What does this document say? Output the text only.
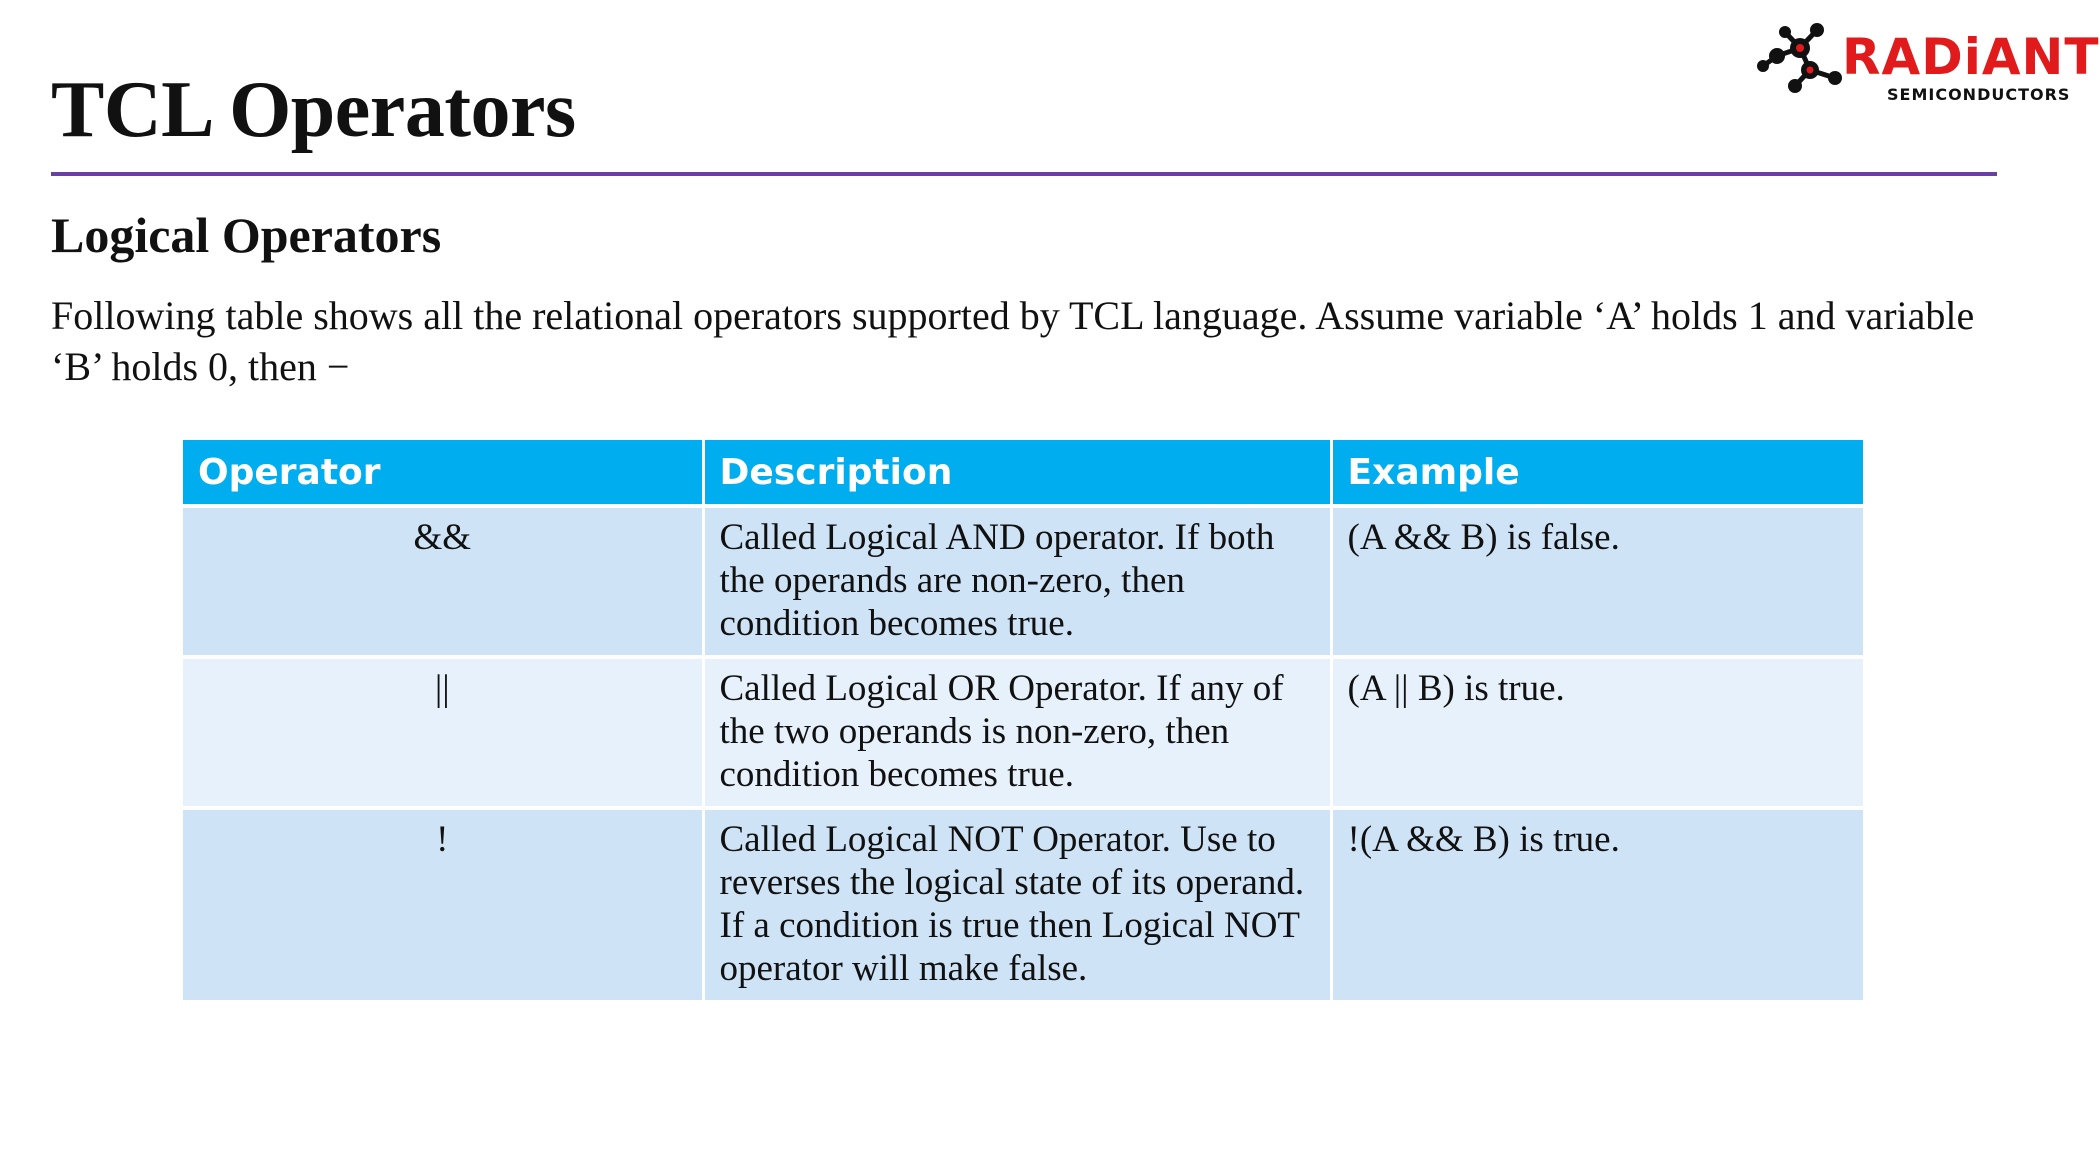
TCL Operators
RADiANT
SEMICONDUCTORS
Logical Operators

Following table shows all the relational operators supported by TCL language. Assume variable ‘A’ holds 1 and variable ‘B’ holds 0, then −

Operator	Description	Example
&&	Called Logical AND operator. If both the operands are non-zero, then condition becomes true.	(A && B) is false.
||	Called Logical OR Operator. If any of the two operands is non-zero, then condition becomes true.	(A || B) is true.
!	Called Logical NOT Operator. Use to reverses the logical state of its operand. If a condition is true then Logical NOT operator will make false.	!(A && B) is true.
